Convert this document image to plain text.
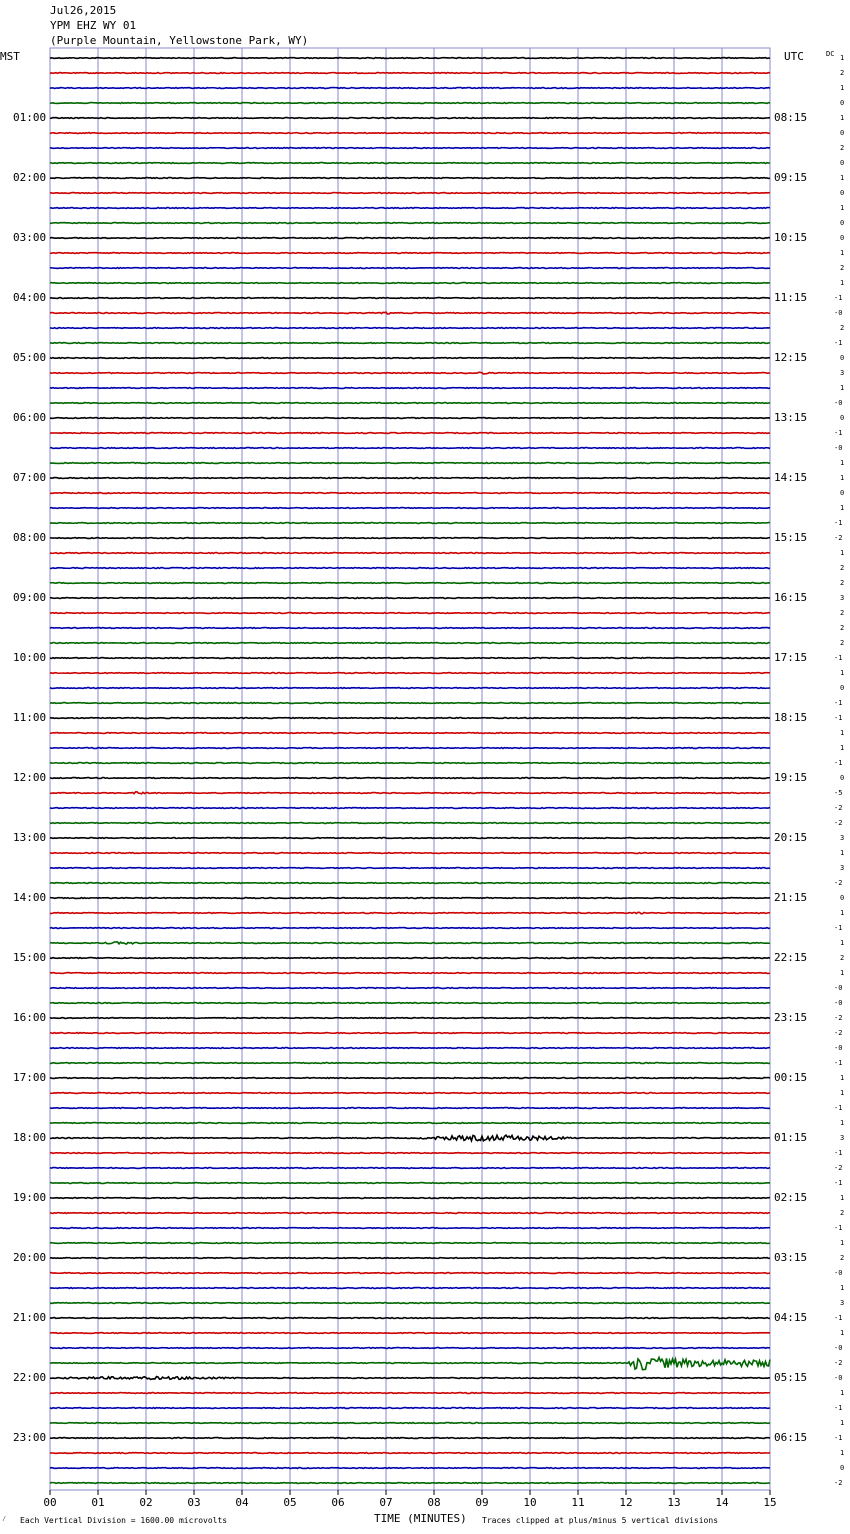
Jul26,2015
YPM EHZ WY 01
(Purple Mountain, Yellowstone Park, WY)
MST	UTC	DC
00	01	02	03	04	05	06	07	08	09	10	11	12	13	14	15
01:00
02:00
03:00
04:00
05:00
06:00
07:00
08:00
09:00
10:00
11:00
12:00
13:00
14:00
15:00
16:00
17:00
18:00
19:00
20:00
21:00
22:00
23:00
08:15
09:15
10:15
11:15
12:15
13:15
14:15
15:15
16:15
17:15
18:15
19:15
20:15
21:15
22:15
23:15
00:15
01:15
02:15
03:15
04:15
05:15
06:15
1
2
1
0
1
0
2
0
1
0
1
0
0
1
2
1
-1
-0
2
-1
0
3
1
-0
0
-1
-0
1
1
0
1
-1
-2
1
2
2
3
2
2
2
-1
1
0
-1
-1
1
1
-1
0
-5
-2
-2
3
1
3
-2
0
1
-1
1
2
1
-0
-0
-2
-2
-0
-1
1
1
-1
1
3
-1
-2
-1
1
2
-1
1
2
-0
1
3
-1
1
-0
-2
-0
1
-1
1
-1
1
0
-2
⁄ Each Vertical Division = 1600.00 microvolts	TIME (MINUTES) Traces clipped at plus/minus 5 vertical divisions
